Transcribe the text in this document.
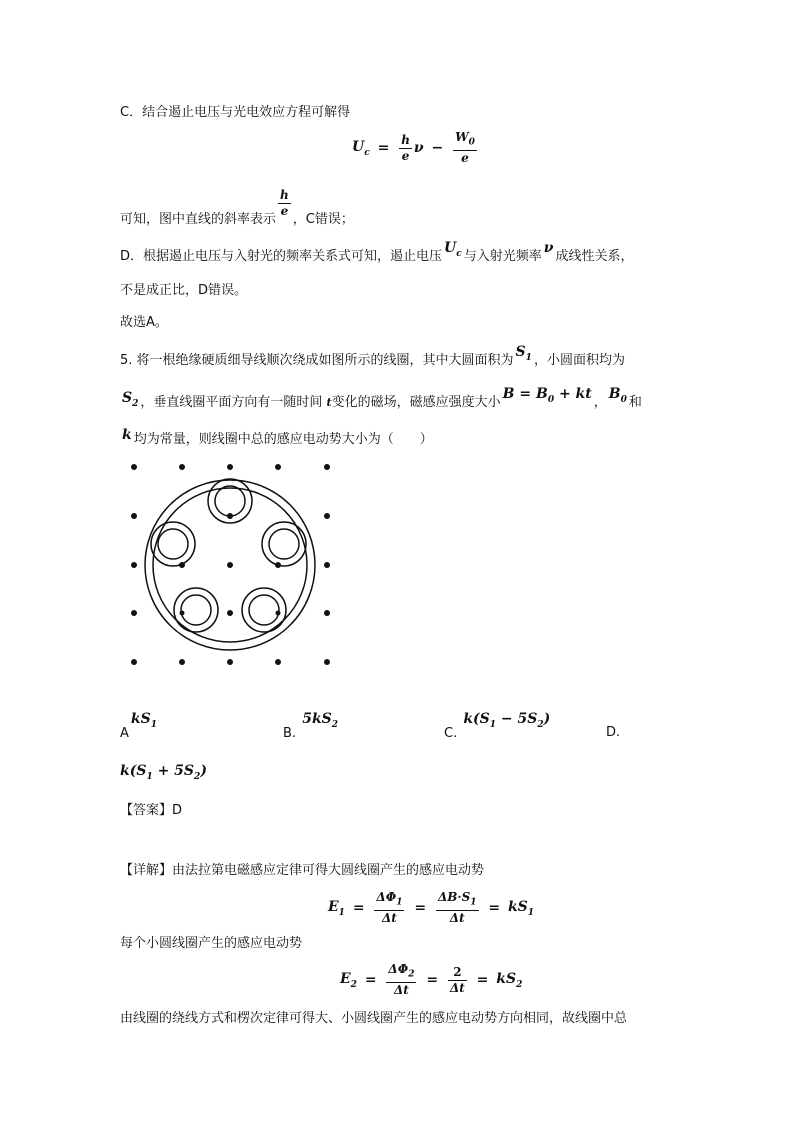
C．结合遏止电压与光电效应方程可解得
$U_c = \frac{h}{e}$ $\nu - \frac{W_0}{e}$
可知，图中直线的斜率表示
$\frac{h}{e}$
，C错误；
D．根据遏止电压与入射光的频率关系式可知，遏止电压$U_c$ 与入射光频率ν成线性关系，
不是成正比，D错误。
故选A。
5. 将一根绝缘硬质细导线顺次绕成如图所示的线圈，其中大圆面积为$S_1$ ，小圆面积均为
$S_2$ ，垂直线圈平面方向有一随时间 t变化的磁场，磁感应强度大小$B = B_0$ + kt，$B_0$ 和
k 均为常量，则线圈中总的感应电动势大小为（　　）
AkS$_1$
B. $5kS_2$
C. $k(S_1 - 5S_2)$
D.
$k(S_1 + 5S_2)$
【答案】D
【详解】由法拉第电磁感应定律可得大圆线圈产生的感应电动势
$E_1 = \frac{\Delta\Phi_1}{\Delta t} = \frac{\Delta B\cdot S_1}{\Delta t} = kS_1$
每个小圆线圈产生的感应电动势
$E_2 = \frac{\Delta\Phi_2}{\Delta t} = \frac{2}{\Delta t} = kS_2$
由线圈的绕线方式和楞次定律可得大、小圆线圈产生的感应电动势方向相同，故线圈中总
